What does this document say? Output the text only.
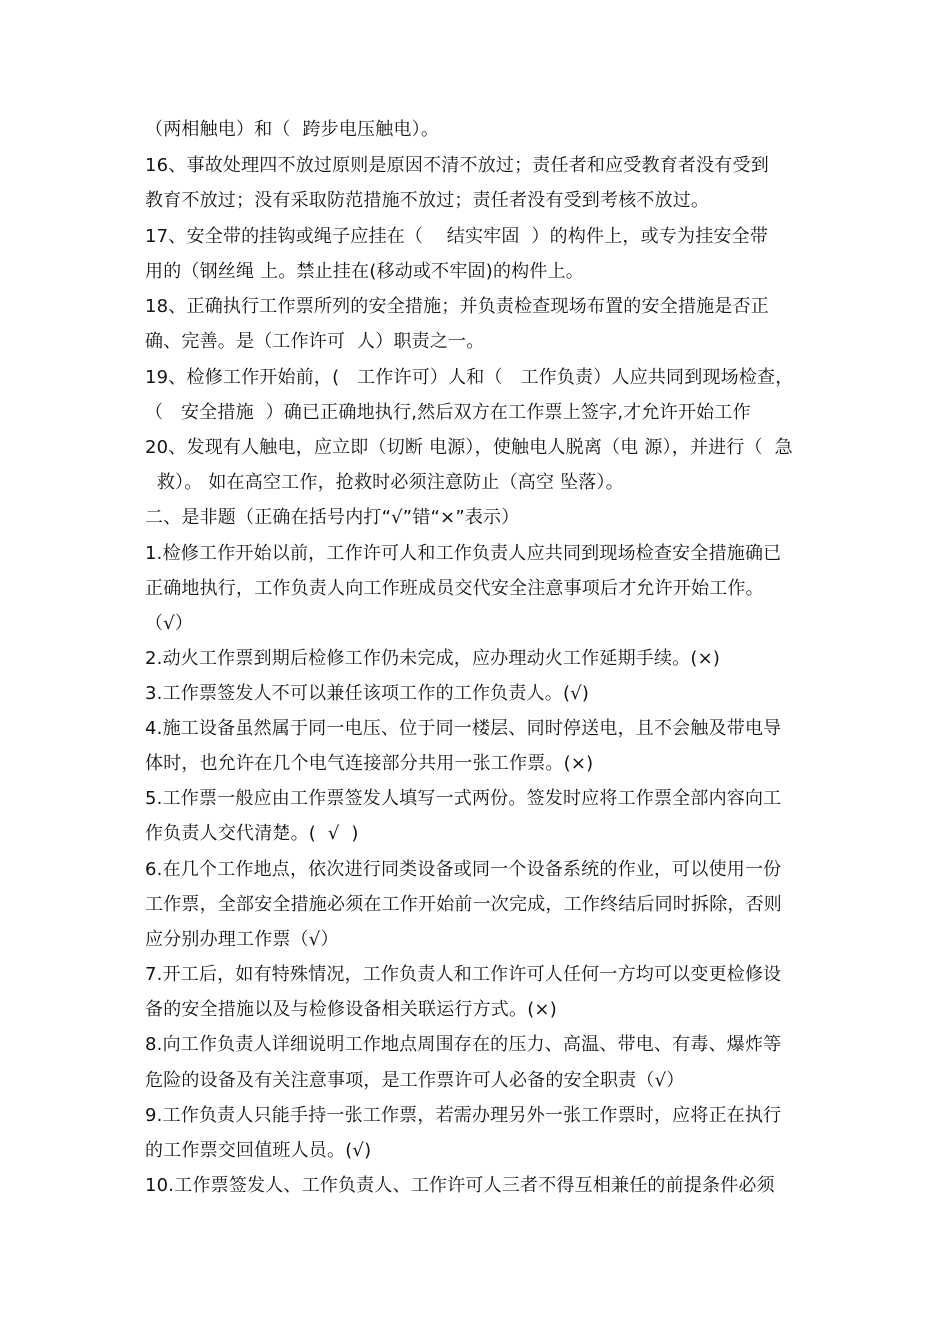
（两相触电）和（  跨步电压触电）。
16、事故处理四不放过原则是原因不清不放过；责任者和应受教育者没有受到
教育不放过；没有采取防范措施不放过；责任者没有受到考核不放过。
17、安全带的挂钩或绳子应挂在（    结实牢固  ）的构件上，或专为挂安全带
用的（钢丝绳 上。禁止挂在(移动或不牢固)的构件上。
18、正确执行工作票所列的安全措施；并负责检查现场布置的安全措施是否正
确、完善。是（工作许可  人）职责之一。
19、检修工作开始前，(   工作许可）人和（   工作负责）人应共同到现场检查，
（   安全措施  ）确已正确地执行,然后双方在工作票上签字,才允许开始工作
20、发现有人触电，应立即（切断 电源），使触电人脱离（电 源），并进行（  急
救）。 如在高空工作，抢救时必须注意防止（高空 坠落）。
二、是非题（正确在括号内打“√”错“×”表示）
1.检修工作开始以前，工作许可人和工作负责人应共同到现场检查安全措施确已
正确地执行，工作负责人向工作班成员交代安全注意事项后才允许开始工作。
（√）
2.动火工作票到期后检修工作仍未完成，应办理动火工作延期手续。(×)
3.工作票签发人不可以兼任该项工作的工作负责人。(√)
4.施工设备虽然属于同一电压、位于同一楼层、同时停送电，且不会触及带电导
体时，也允许在几个电气连接部分共用一张工作票。(×)
5.工作票一般应由工作票签发人填写一式两份。签发时应将工作票全部内容向工
作负责人交代清楚。(  √  )
6.在几个工作地点，依次进行同类设备或同一个设备系统的作业，可以使用一份
工作票，全部安全措施必须在工作开始前一次完成，工作终结后同时拆除，否则
应分别办理工作票（√）
7.开工后，如有特殊情况，工作负责人和工作许可人任何一方均可以变更检修设
备的安全措施以及与检修设备相关联运行方式。(×)
8.向工作负责人详细说明工作地点周围存在的压力、高温、带电、有毒、爆炸等
危险的设备及有关注意事项，是工作票许可人必备的安全职责（√）
9.工作负责人只能手持一张工作票，若需办理另外一张工作票时，应将正在执行
的工作票交回值班人员。(√)
10.工作票签发人、工作负责人、工作许可人三者不得互相兼任的前提条件必须
